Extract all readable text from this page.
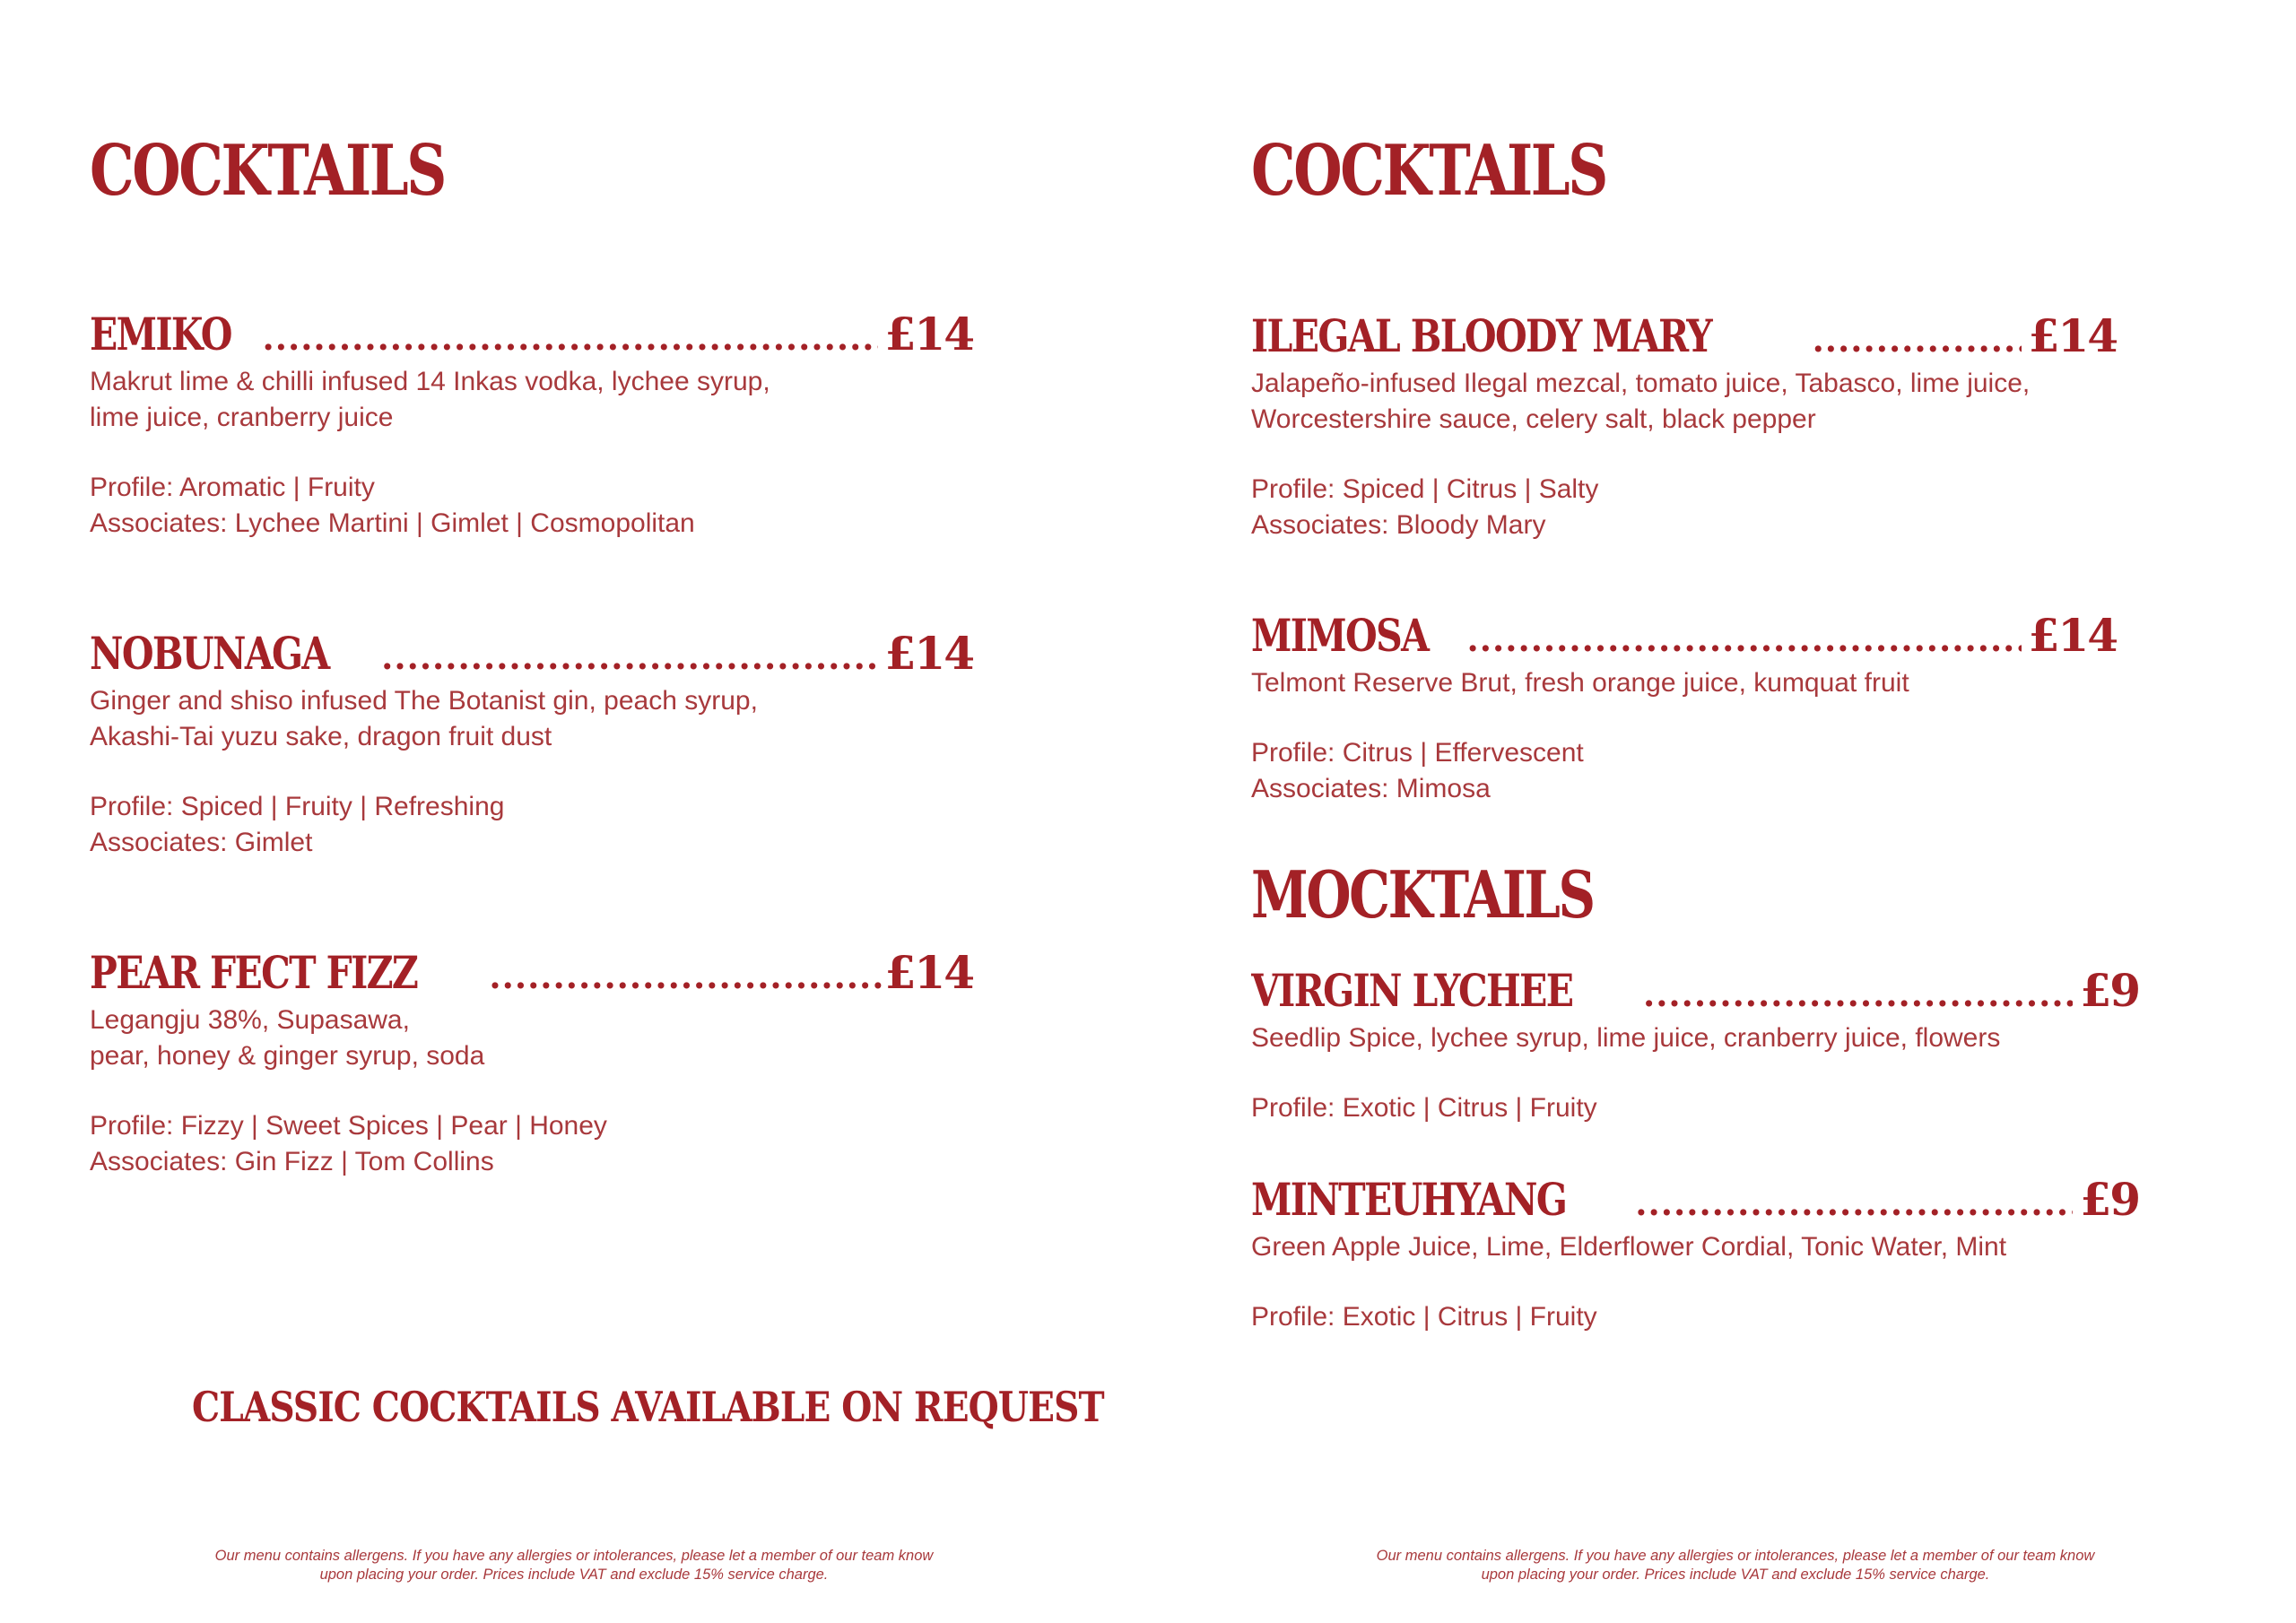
COCKTAILS
EMIKO .....	£14
Makrut lime & chilli infused 14 Inkas vodka, lychee syrup,
lime juice, cranberry juice
Profile: Aromatic | Fruity
Associates: Lychee Martini | Gimlet | Cosmopolitan
NOBUNAGA .....	£14
Ginger and shiso infused The Botanist gin, peach syrup,
Akashi-Tai yuzu sake, dragon fruit dust
Profile: Spiced | Fruity | Refreshing
Associates: Gimlet
PEAR FECT FIZZ .....	£14
Legangju 38%, Supasawa,
pear, honey & ginger syrup, soda
Profile: Fizzy | Sweet Spices | Pear | Honey
Associates: Gin Fizz | Tom Collins
CLASSIC COCKTAILS AVAILABLE ON REQUEST
Our menu contains allergens. If you have any allergies or intolerances, please let a member of our team know
upon placing your order. Prices include VAT and exclude 15% service charge.
COCKTAILS
ILEGAL BLOODY MARY .....	£14
Jalapeño-infused Ilegal mezcal, tomato juice, Tabasco, lime juice,
Worcestershire sauce, celery salt, black pepper
Profile: Spiced | Citrus | Salty
Associates: Bloody Mary
MIMOSA .....	£14
Telmont Reserve Brut, fresh orange juice, kumquat fruit
Profile: Citrus | Effervescent
Associates: Mimosa
MOCKTAILS
VIRGIN LYCHEE .....	£9
Seedlip Spice, lychee syrup, lime juice, cranberry juice, flowers
Profile: Exotic | Citrus | Fruity
MINTEUHYANG .....	£9
Green Apple Juice, Lime, Elderflower Cordial, Tonic Water, Mint
Profile: Exotic | Citrus | Fruity
Our menu contains allergens. If you have any allergies or intolerances, please let a member of our team know
upon placing your order. Prices include VAT and exclude 15% service charge.
